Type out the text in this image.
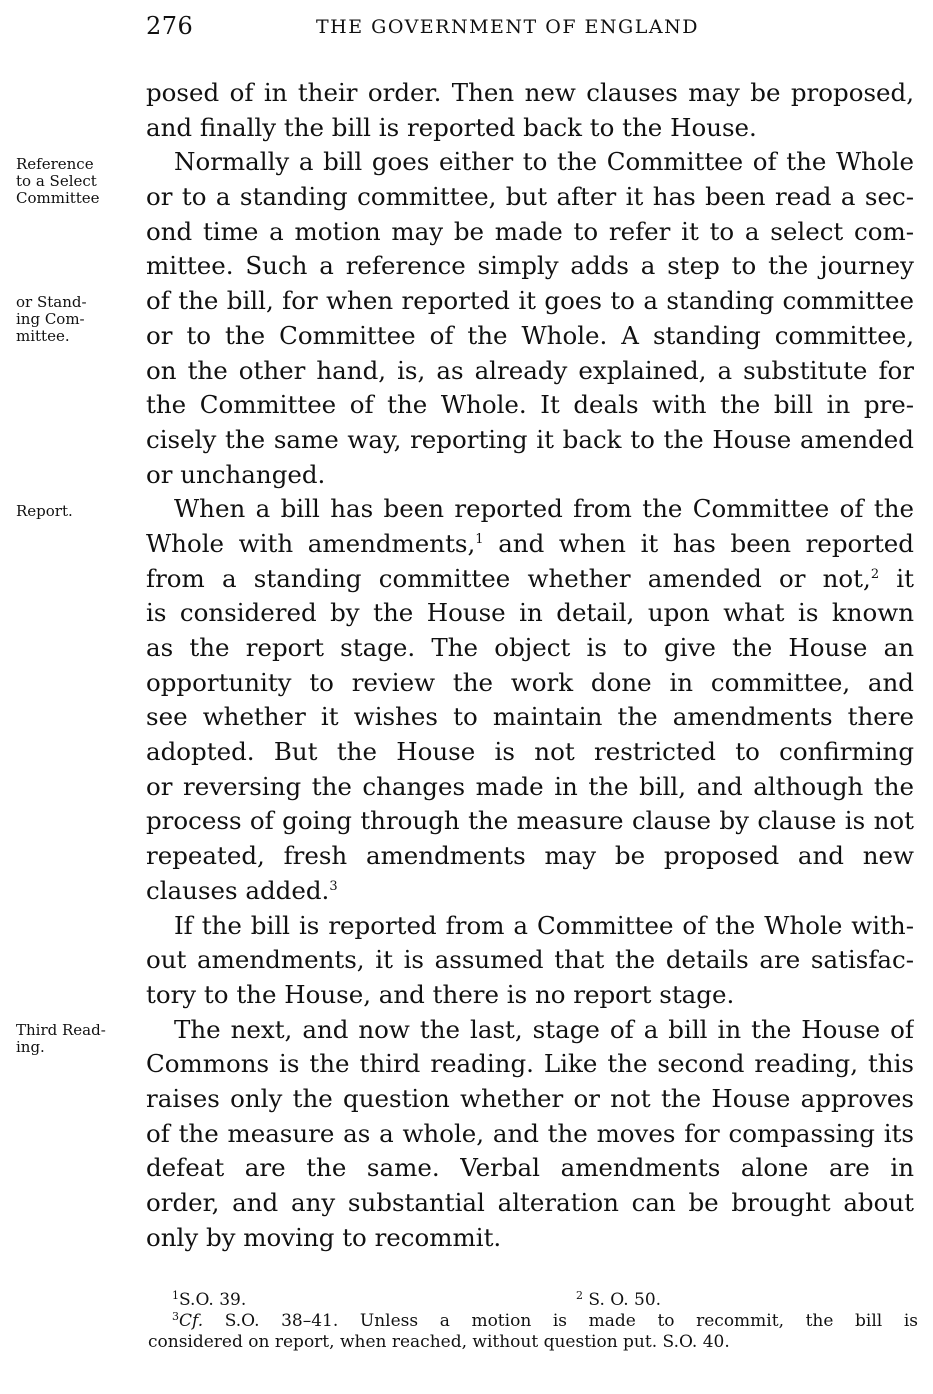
276	THE GOVERNMENT OF ENGLAND
Reference
to a Select
Committee
or Stand-
ing Com-
mittee.
Report.
Third Read-
ing.
posed of in their order. Then new clauses may be proposed,
and finally the bill is reported back to the House.
Normally a bill goes either to the Committee of the Whole
or to a standing committee, but after it has been read a sec-
ond time a motion may be made to refer it to a select com-
mittee. Such a reference simply adds a step to the journey
of the bill, for when reported it goes to a standing committee
or to the Committee of the Whole. A standing committee,
on the other hand, is, as already explained, a substitute for
the Committee of the Whole. It deals with the bill in pre-
cisely the same way, reporting it back to the House amended
or unchanged.
When a bill has been reported from the Committee of the
Whole with amendments,$^1$ and when it has been reported
from a standing committee whether amended or not,$^2$ it
is considered by the House in detail, upon what is known
as the report stage. The object is to give the House an
opportunity to review the work done in committee, and
see whether it wishes to maintain the amendments there
adopted. But the House is not restricted to confirming
or reversing the changes made in the bill, and although the
process of going through the measure clause by clause is not
repeated, fresh amendments may be proposed and new
clauses added.$^3$
If the bill is reported from a Committee of the Whole with-
out amendments, it is assumed that the details are satisfac-
tory to the House, and there is no report stage.
The next, and now the last, stage of a bill in the House of
Commons is the third reading. Like the second reading, this
raises only the question whether or not the House approves
of the measure as a whole, and the moves for compassing its
defeat are the same. Verbal amendments alone are in
order, and any substantial alteration can be brought about
only by moving to recommit.
$^1$S.O. 39.	$^2$ S. O. 50.
$^3$Cf. S.O. 38–41. Unless a motion is made to recommit, the bill is
considered on report, when reached, without question put. S.O. 40.
